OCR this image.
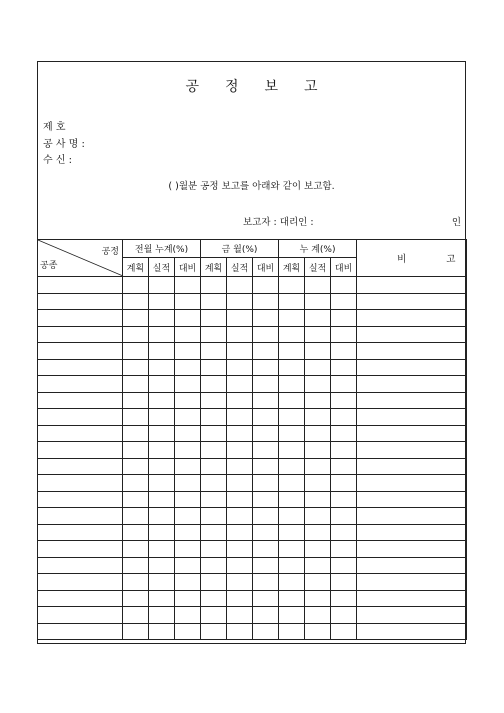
공정보고
제 호
공 사 명 :
수 신 :
( )월분 공정 보고를 아래와 같이 보고함.
보고자 : 대리인 :	인
공정
공종	전월 누계(%)			금 월(%)			누 계(%)			비고
	계획	실적	대비	계획	실적	대비	계획	실적	대비	
